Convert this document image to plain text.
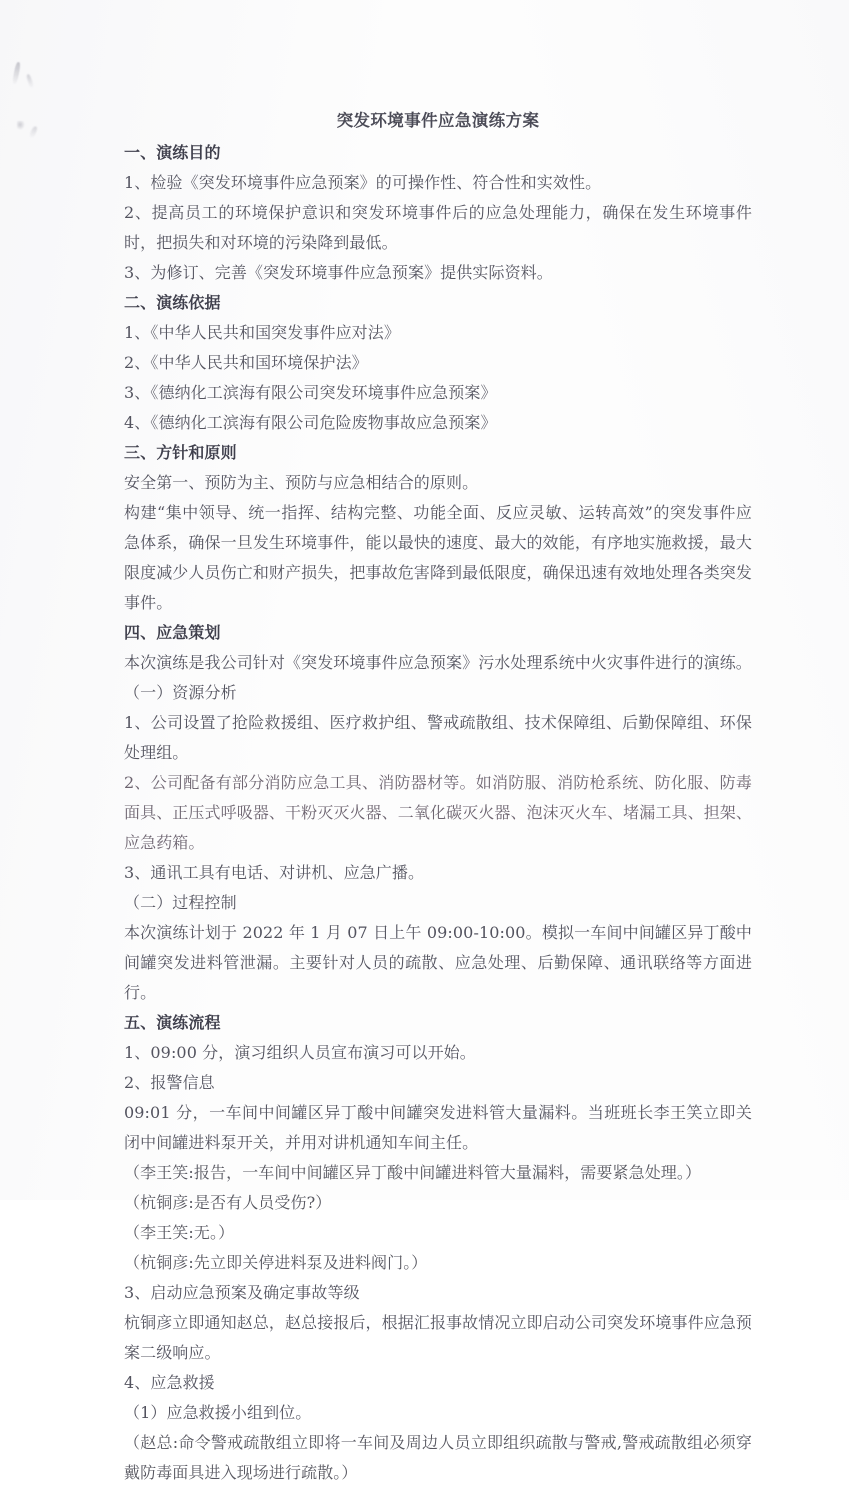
突发环境事件应急演练方案

一、演练目的

1、检验《突发环境事件应急预案》的可操作性、符合性和实效性。

2、提高员工的环境保护意识和突发环境事件后的应急处理能力，确保在发生环境事件时，把损失和对环境的污染降到最低。

3、为修订、完善《突发环境事件应急预案》提供实际资料。

二、演练依据

1、《中华人民共和国突发事件应对法》

2、《中华人民共和国环境保护法》

3、《德纳化工滨海有限公司突发环境事件应急预案》

4、《德纳化工滨海有限公司危险废物事故应急预案》

三、方针和原则

安全第一、预防为主、预防与应急相结合的原则。

构建“集中领导、统一指挥、结构完整、功能全面、反应灵敏、运转高效”的突发事件应急体系，确保一旦发生环境事件，能以最快的速度、最大的效能，有序地实施救援，最大限度减少人员伤亡和财产损失，把事故危害降到最低限度，确保迅速有效地处理各类突发事件。

四、应急策划

本次演练是我公司针对《突发环境事件应急预案》污水处理系统中火灾事件进行的演练。

（一）资源分析

1、公司设置了抢险救援组、医疗救护组、警戒疏散组、技术保障组、后勤保障组、环保处理组。

2、公司配备有部分消防应急工具、消防器材等。如消防服、消防枪系统、防化服、防毒面具、正压式呼吸器、干粉灭灭火器、二氧化碳灭火器、泡沫灭火车、堵漏工具、担架、应急药箱。

3、通讯工具有电话、对讲机、应急广播。

（二）过程控制

本次演练计划于 2022 年 1 月 07 日上午 09:00-10:00。模拟一车间中间罐区异丁酸中间罐突发进料管泄漏。主要针对人员的疏散、应急处理、后勤保障、通讯联络等方面进行。

五、演练流程

1、09:00 分，演习组织人员宣布演习可以开始。

2、报警信息

09:01 分，一车间中间罐区异丁酸中间罐突发进料管大量漏料。当班班长李王笑立即关闭中间罐进料泵开关，并用对讲机通知车间主任。

（李王笑:报告，一车间中间罐区异丁酸中间罐进料管大量漏料，需要紧急处理。）

（杭铜彦:是否有人员受伤?）

（李王笑:无。）

（杭铜彦:先立即关停进料泵及进料阀门。）

3、启动应急预案及确定事故等级

杭铜彦立即通知赵总，赵总接报后，根据汇报事故情况立即启动公司突发环境事件应急预案二级响应。

4、应急救援

（1）应急救援小组到位。

（赵总:命令警戒疏散组立即将一车间及周边人员立即组织疏散与警戒,警戒疏散组必须穿戴防毒面具进入现场进行疏散。）
